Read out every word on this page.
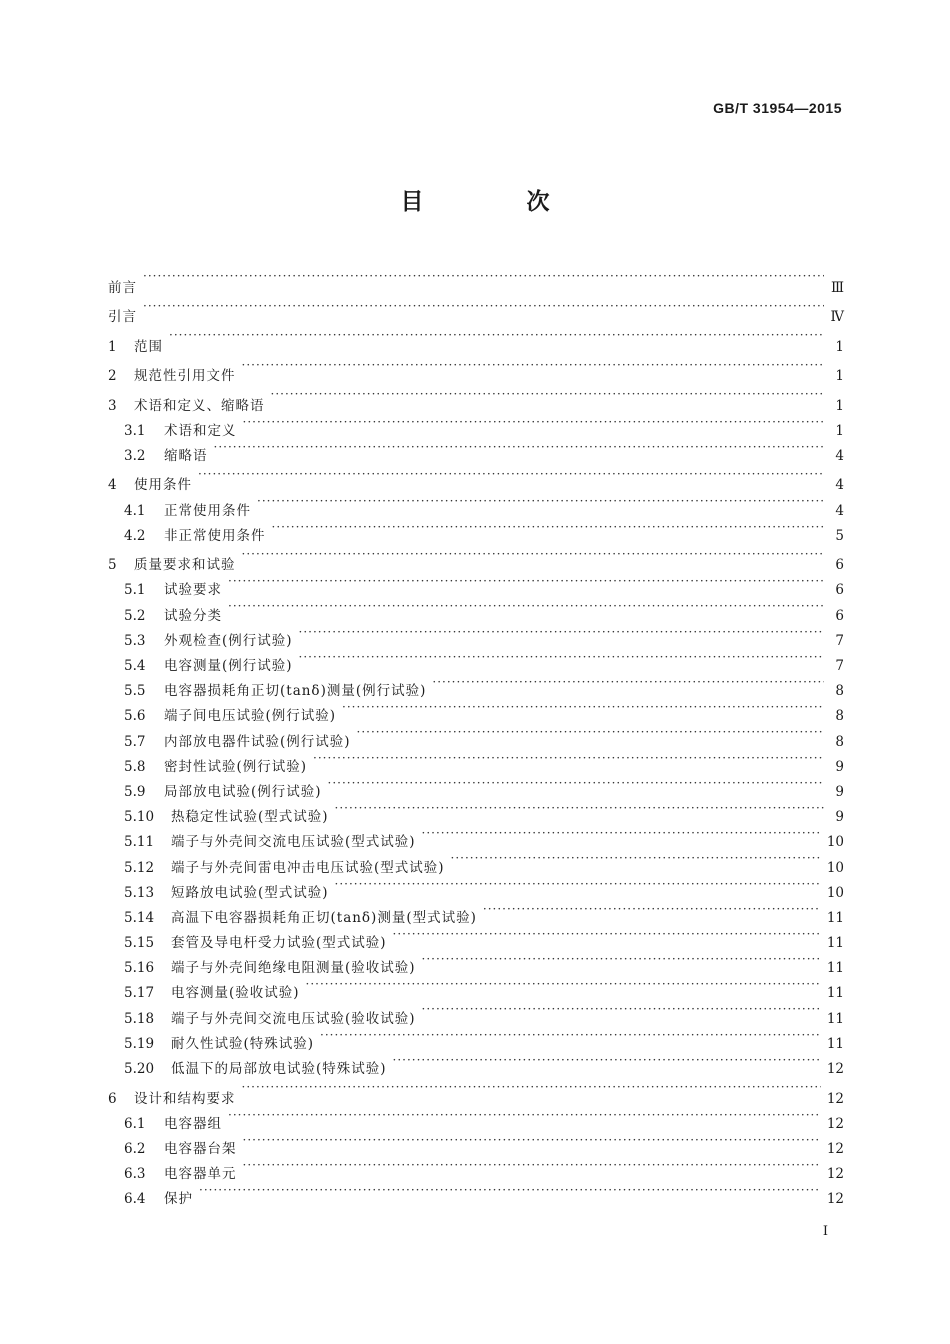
GB/T 31954—2015
目　次
前言 ·····	Ⅲ
引言 ·····	Ⅳ
1	范围 ·····	1
2	规范性引用文件 ·····	1
3	术语和定义、缩略语 ·····	1
3.1	术语和定义 ·····	1
3.2	缩略语 ·····	4
4	使用条件 ·····	4
4.1	正常使用条件 ·····	4
4.2	非正常使用条件 ·····	5
5	质量要求和试验 ·····	6
5.1	试验要求 ·····	6
5.2	试验分类 ·····	6
5.3	外观检查(例行试验) ·····	7
5.4	电容测量(例行试验) ·····	7
5.5	电容器损耗角正切(tanδ)测量(例行试验) ·····	8
5.6	端子间电压试验(例行试验) ·····	8
5.7	内部放电器件试验(例行试验) ·····	8
5.8	密封性试验(例行试验) ·····	9
5.9	局部放电试验(例行试验) ·····	9
5.10	热稳定性试验(型式试验) ·····	9
5.11	端子与外壳间交流电压试验(型式试验) ·····	10
5.12	端子与外壳间雷电冲击电压试验(型式试验) ·····	10
5.13	短路放电试验(型式试验) ·····	10
5.14	高温下电容器损耗角正切(tanδ)测量(型式试验) ·····	11
5.15	套管及导电杆受力试验(型式试验) ·····	11
5.16	端子与外壳间绝缘电阻测量(验收试验) ·····	11
5.17	电容测量(验收试验) ·····	11
5.18	端子与外壳间交流电压试验(验收试验) ·····	11
5.19	耐久性试验(特殊试验) ·····	11
5.20	低温下的局部放电试验(特殊试验) ·····	12
6	设计和结构要求 ·····	12
6.1	电容器组 ·····	12
6.2	电容器台架 ·····	12
6.3	电容器单元 ·····	12
6.4	保护 ·····	12
I
